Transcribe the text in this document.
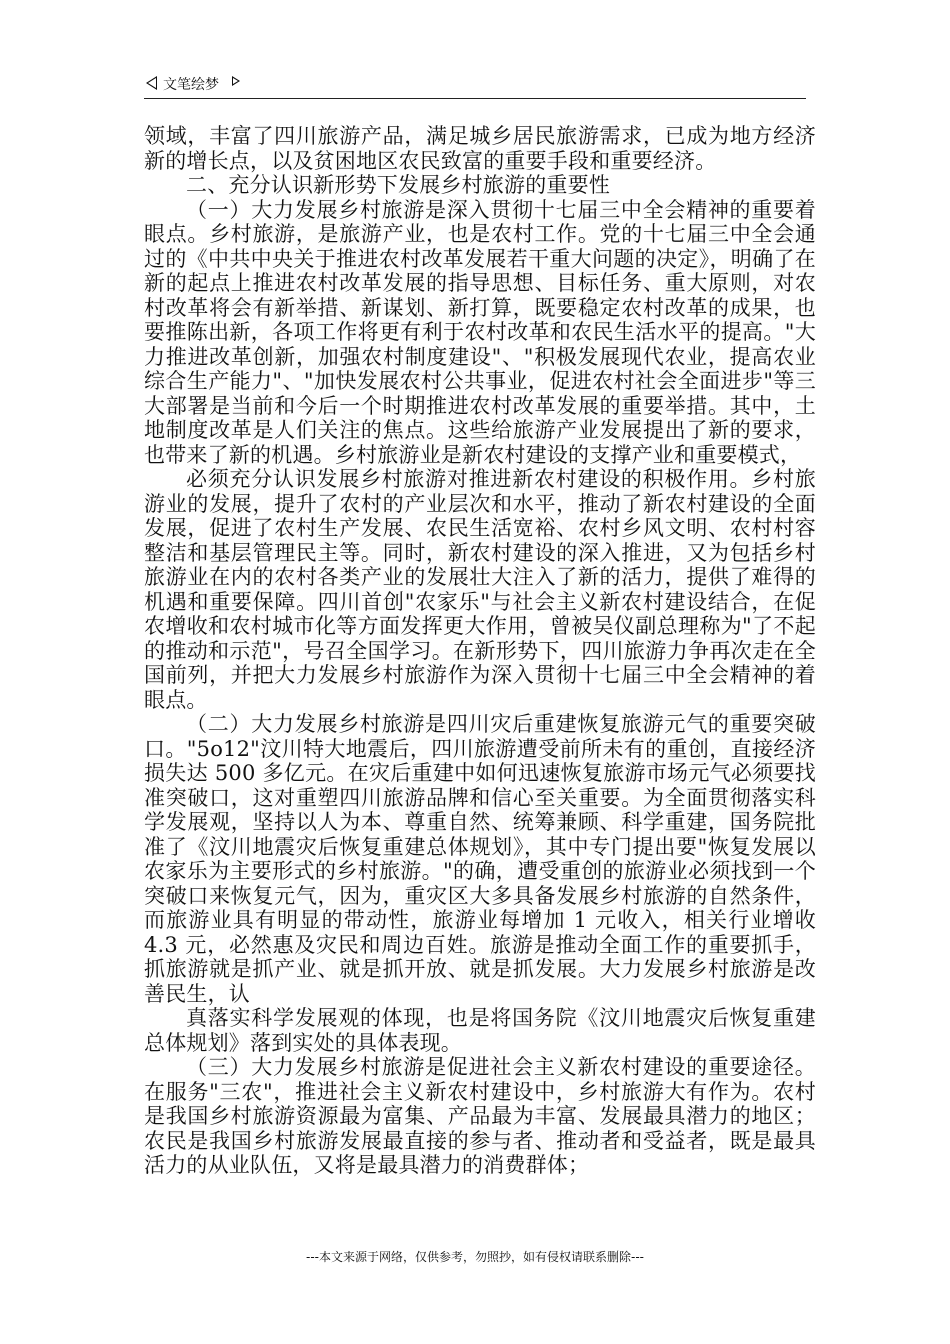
文笔绘梦

领域，丰富了四川旅游产品，满足城乡居民旅游需求，已成为地方经济新的增长点，以及贫困地区农民致富的重要手段和重要经济。

二、充分认识新形势下发展乡村旅游的重要性

（一）大力发展乡村旅游是深入贯彻十七届三中全会精神的重要着眼点。乡村旅游，是旅游产业，也是农村工作。党的十七届三中全会通过的《中共中央关于推进农村改革发展若干重大问题的决定》，明确了在新的起点上推进农村改革发展的指导思想、目标任务、重大原则，对农村改革将会有新举措、新谋划、新打算，既要稳定农村改革的成果，也要推陈出新，各项工作将更有利于农村改革和农民生活水平的提高。"大力推进改革创新，加强农村制度建设"、"积极发展现代农业，提高农业综合生产能力"、"加快发展农村公共事业，促进农村社会全面进步"等三大部署是当前和今后一个时期推进农村改革发展的重要举措。其中，土地制度改革是人们关注的焦点。这些给旅游产业发展提出了新的要求，也带来了新的机遇。乡村旅游业是新农村建设的支撑产业和重要模式，

必须充分认识发展乡村旅游对推进新农村建设的积极作用。乡村旅游业的发展，提升了农村的产业层次和水平，推动了新农村建设的全面发展，促进了农村生产发展、农民生活宽裕、农村乡风文明、农村村容整洁和基层管理民主等。同时，新农村建设的深入推进，又为包括乡村旅游业在内的农村各类产业的发展壮大注入了新的活力，提供了难得的机遇和重要保障。四川首创"农家乐"与社会主义新农村建设结合，在促农增收和农村城市化等方面发挥更大作用，曾被吴仪副总理称为"了不起的推动和示范"，号召全国学习。在新形势下，四川旅游力争再次走在全国前列，并把大力发展乡村旅游作为深入贯彻十七届三中全会精神的着眼点。

（二）大力发展乡村旅游是四川灾后重建恢复旅游元气的重要突破口。"5o12"汶川特大地震后，四川旅游遭受前所未有的重创，直接经济损失达 500 多亿元。在灾后重建中如何迅速恢复旅游市场元气必须要找准突破口，这对重塑四川旅游品牌和信心至关重要。为全面贯彻落实科学发展观，坚持以人为本、尊重自然、统筹兼顾、科学重建，国务院批准了《汶川地震灾后恢复重建总体规划》，其中专门提出要"恢复发展以农家乐为主要形式的乡村旅游。"的确，遭受重创的旅游业必须找到一个突破口来恢复元气，因为，重灾区大多具备发展乡村旅游的自然条件，而旅游业具有明显的带动性，旅游业每增加 1 元收入，相关行业增收 4.3 元，必然惠及灾民和周边百姓。旅游是推动全面工作的重要抓手，抓旅游就是抓产业、就是抓开放、就是抓发展。大力发展乡村旅游是改善民生，认

真落实科学发展观的体现，也是将国务院《汶川地震灾后恢复重建总体规划》落到实处的具体表现。

（三）大力发展乡村旅游是促进社会主义新农村建设的重要途径。在服务"三农"，推进社会主义新农村建设中，乡村旅游大有作为。农村是我国乡村旅游资源最为富集、产品最为丰富、发展最具潜力的地区；农民是我国乡村旅游发展最直接的参与者、推动者和受益者，既是最具活力的从业队伍，又将是最具潜力的消费群体；

---本文来源于网络，仅供参考，勿照抄，如有侵权请联系删除---
